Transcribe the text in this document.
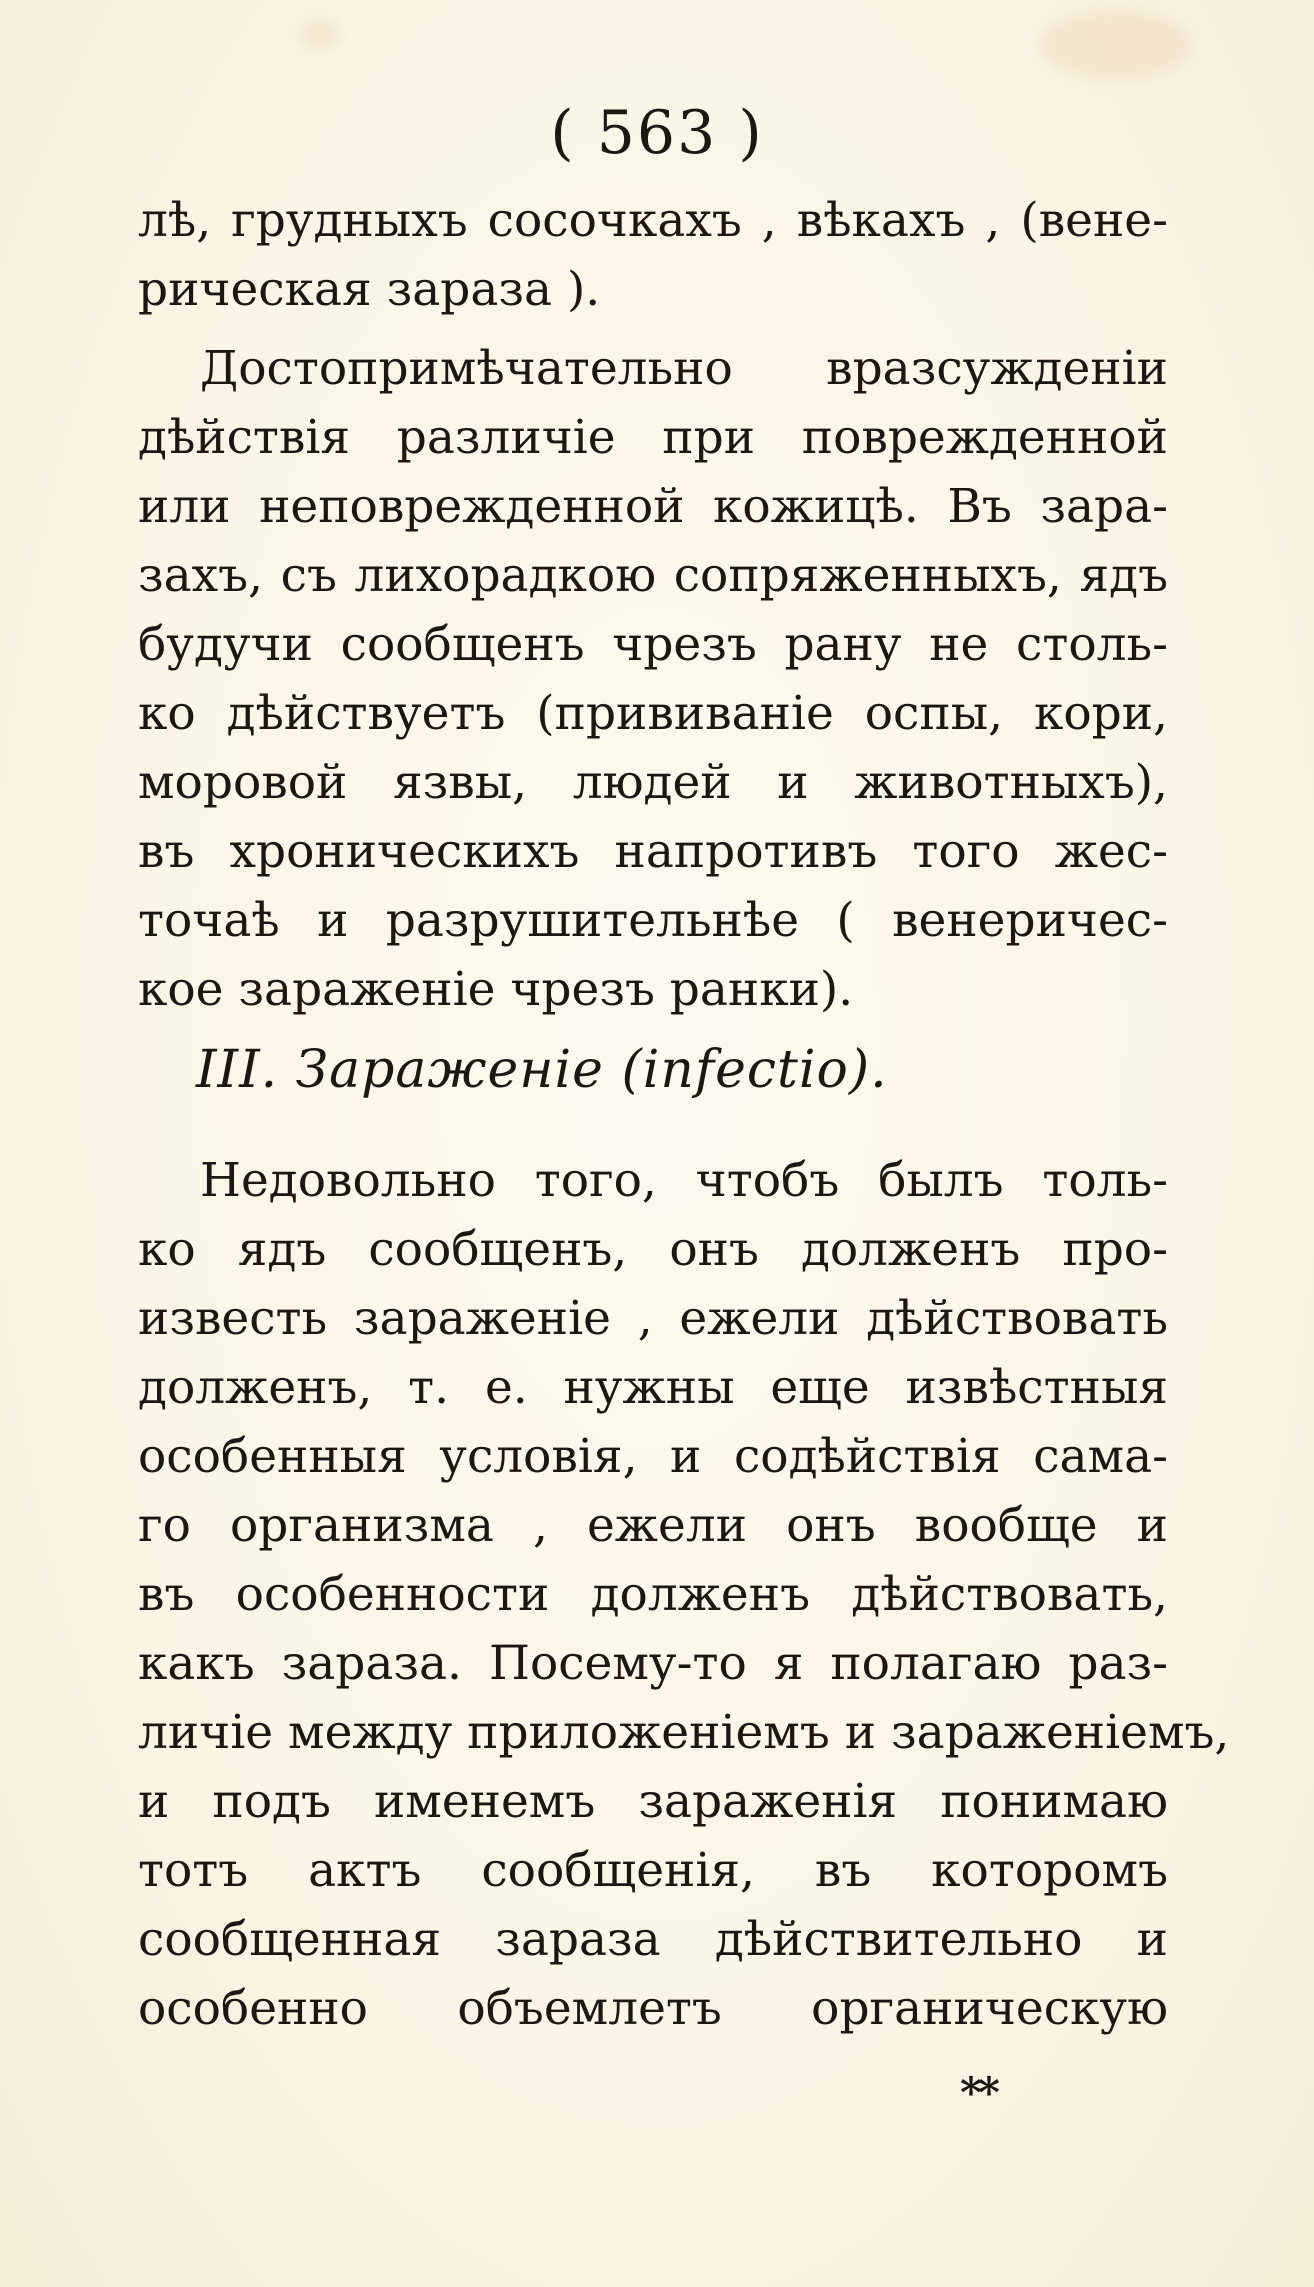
( 563 )
лѣ, грудныхъ сосочкахъ , вѣкахъ , (вене-
рическая зараза ).
Достопримѣчательно вразсужденіи
дѣйствія различіе при поврежденной
или неповрежденной кожицѣ. Въ зара-
захъ, съ лихорадкою сопряженныхъ, ядъ
будучи сообщенъ чрезъ рану не столь-
ко дѣйствуетъ (прививаніе оспы, кори,
моровой язвы, людей и животныхъ),
въ хроническихъ напротивъ того жес-
точаѣ и разрушительнѣе ( венеричес-
кое зараженіе чрезъ ранки).
III. Зараженіе (infectio).
Недовольно того, чтобъ былъ толь-
ко ядъ сообщенъ, онъ долженъ про-
известь зараженіе , ежели дѣйствовать
долженъ, т. е. нужны еще извѣстныя
особенныя условія, и содѣйствія сама-
го организма , ежели онъ вообще и
въ особенности долженъ дѣйствовать,
какъ зараза. Посему-то я полагаю раз-
личіе между приложеніемъ и зараженіемъ,
и подъ именемъ зараженія понимаю
тотъ актъ сообщенія, въ которомъ
сообщенная зараза дѣйствительно и
особенно объемлетъ органическую
**
